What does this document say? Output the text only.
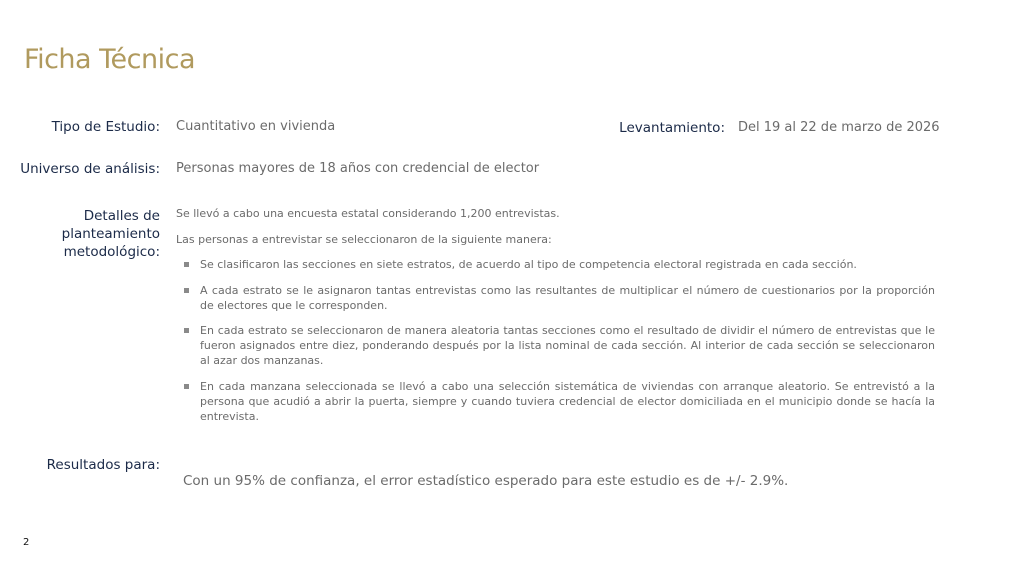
Ficha Técnica
Tipo de Estudio: Cuantitativo en vivienda	Levantamiento: Del 19 al 22 de marzo de 2026
Universo de análisis: Personas mayores de 18 años con credencial de elector
Detalles de
planteamiento
metodológico:
Se llevó a cabo una encuesta estatal considerando 1,200 entrevistas.
Las personas a entrevistar se seleccionaron de la siguiente manera:
Se clasificaron las secciones en siete estratos, de acuerdo al tipo de competencia electoral registrada en cada sección.
A cada estrato se le asignaron tantas entrevistas como las resultantes de multiplicar el número de cuestionarios por la proporción de electores que le corresponden.
En cada estrato se seleccionaron de manera aleatoria tantas secciones como el resultado de dividir el número de entrevistas que le fueron asignados entre diez, ponderando después por la lista nominal de cada sección. Al interior de cada sección se seleccionaron al azar dos manzanas.
En cada manzana seleccionada se llevó a cabo una selección sistemática de viviendas con arranque aleatorio. Se entrevistó a la persona que acudió a abrir la puerta, siempre y cuando tuviera credencial de elector domiciliada en el municipio donde se hacía la entrevista.
Resultados para:
Con un 95% de confianza, el error estadístico esperado para este estudio es de +/- 2.9%.
2
